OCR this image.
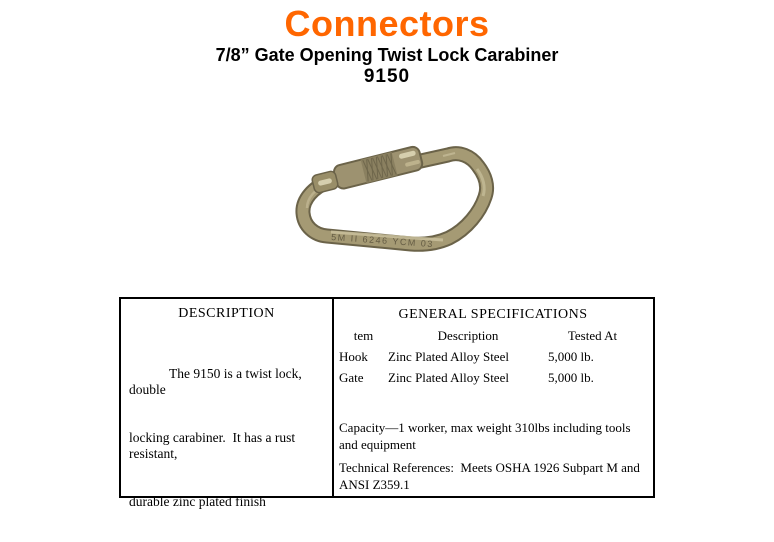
Connectors
7/8” Gate Opening Twist Lock Carabiner
9150
5M II 6246 YCM 03
DESCRIPTION

The 9150 is a twist lock, double

locking carabiner.  It has a rust resistant,

durable zinc plated finish

GENERAL SPECIFICATIONS
tem	Description	Tested At
Hook	Zinc Plated Alloy Steel	5,000 lb.
Gate	Zinc Plated Alloy Steel	5,000 lb.
Capacity—1 worker, max weight 310lbs including tools and equipment
Technical References:  Meets OSHA 1926 Subpart M and ANSI Z359.1
